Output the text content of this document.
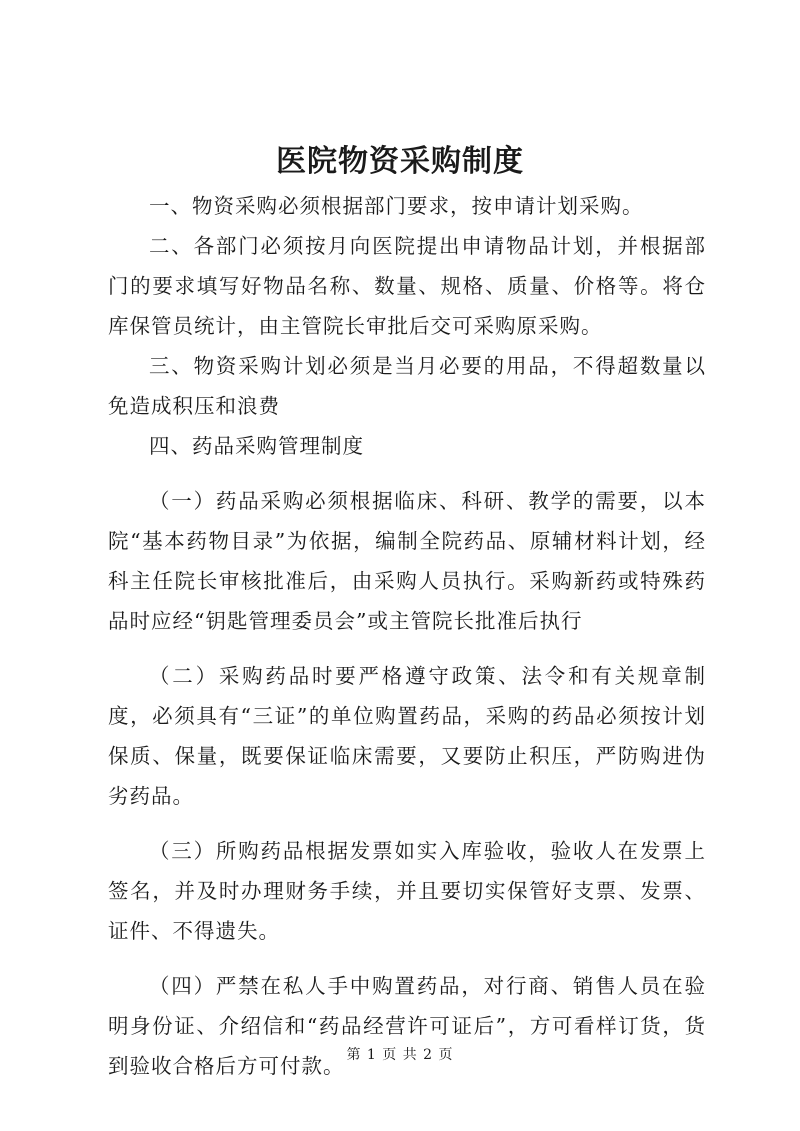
医院物资采购制度

一、物资采购必须根据部门要求，按申请计划采购。

二、各部门必须按月向医院提出申请物品计划，并根据部门的要求填写好物品名称、数量、规格、质量、价格等。将仓库保管员统计，由主管院长审批后交可采购原采购。

三、物资采购计划必须是当月必要的用品，不得超数量以免造成积压和浪费

四、药品采购管理制度

（一）药品采购必须根据临床、科研、教学的需要，以本院“基本药物目录”为依据，编制全院药品、原辅材料计划，经科主任院长审核批准后，由采购人员执行。采购新药或特殊药品时应经“钥匙管理委员会”或主管院长批准后执行

（二）采购药品时要严格遵守政策、法令和有关规章制度，必须具有“三证”的单位购置药品，采购的药品必须按计划保质、保量，既要保证临床需要，又要防止积压，严防购进伪劣药品。

（三）所购药品根据发票如实入库验收，验收人在发票上签名，并及时办理财务手续，并且要切实保管好支票、发票、证件、不得遗失。

（四）严禁在私人手中购置药品，对行商、销售人员在验明身份证、介绍信和“药品经营许可证后”，方可看样订货，货到验收合格后方可付款。 第 1 页 共 2 页
